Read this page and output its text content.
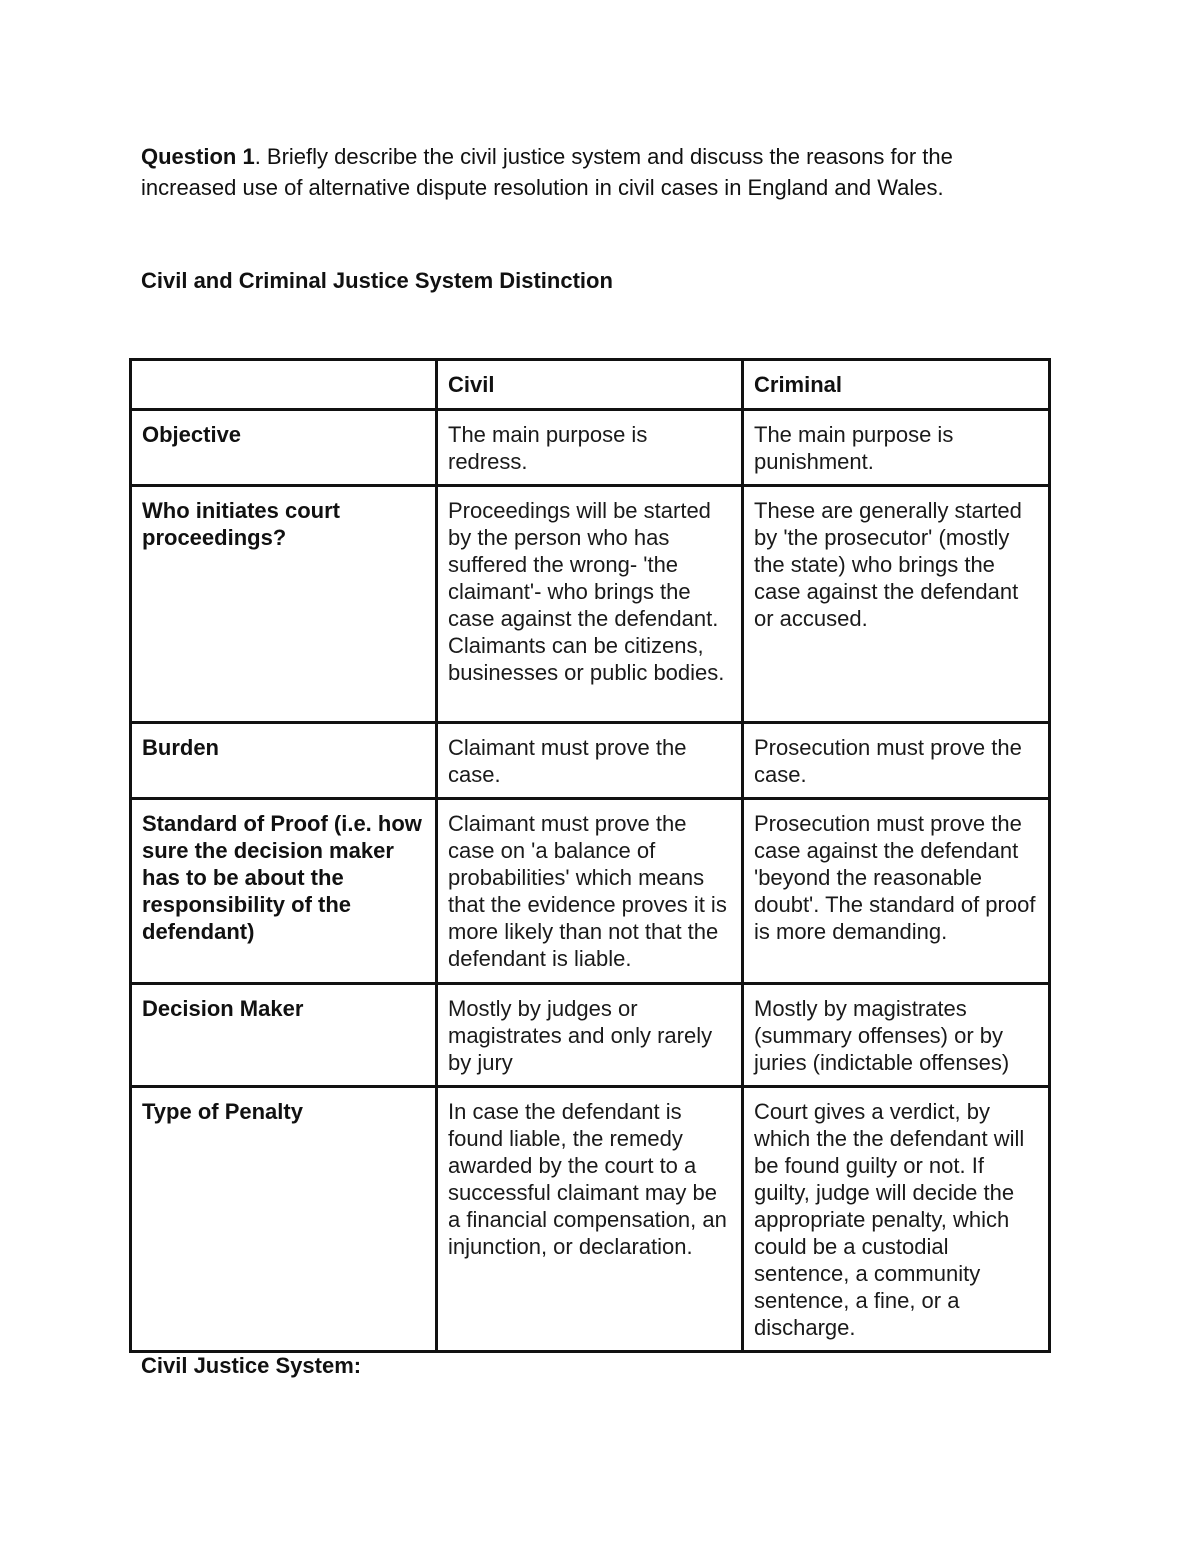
Question 1. Briefly describe the civil justice system and discuss the reasons for the increased use of alternative dispute resolution in civil cases in England and Wales.

Civil and Criminal Justice System Distinction

	Civil	Criminal
Objective	The main purpose is redress.	The main purpose is punishment.
Who initiates court proceedings?	Proceedings will be started by the person who has suffered the wrong- 'the claimant'- who brings the case against the defendant. Claimants can be citizens, businesses or public bodies.	These are generally started by 'the prosecutor' (mostly the state) who brings the case against the defendant or accused.
Burden	Claimant must prove the case.	Prosecution must prove the case.
Standard of Proof (i.e. how sure the decision maker has to be about the responsibility of the defendant)	Claimant must prove the case on 'a balance of probabilities' which means that the evidence proves it is more likely than not that the defendant is liable.	Prosecution must prove the case against the defendant 'beyond the reasonable doubt'. The standard of proof is more demanding.
Decision Maker	Mostly by judges or magistrates and only rarely by jury	Mostly by magistrates (summary offenses) or by juries (indictable offenses)
Type of Penalty	In case the defendant is found liable, the remedy awarded by the court to a successful claimant may be a financial compensation, an injunction, or declaration.	Court gives a verdict, by which the the defendant will be found guilty or not. If guilty, judge will decide the appropriate penalty, which could be a custodial sentence, a community sentence, a fine, or a discharge.

Civil Justice System:
